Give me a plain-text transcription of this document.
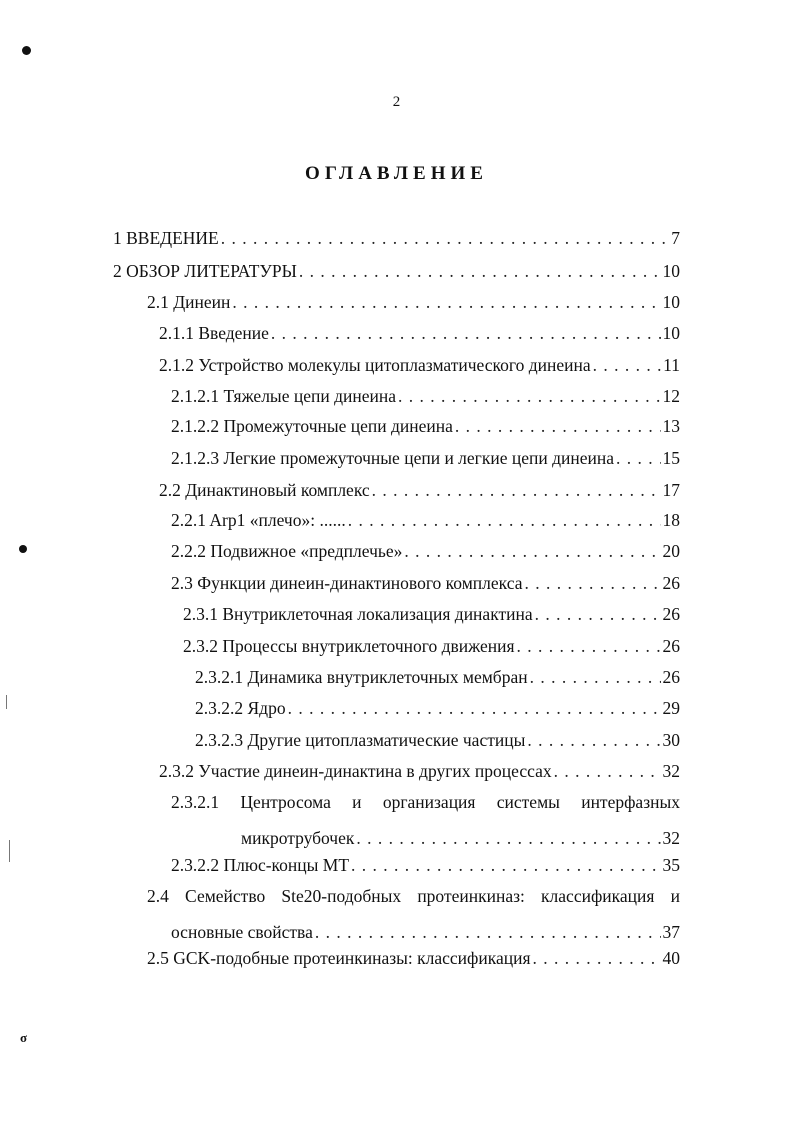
σ
2
ОГЛАВЛЕНИЕ
1 ВВЕДЕНИЕ . . .	7
2 ОБЗОР ЛИТЕРАТУРЫ . . .	10
2.1 Динеин . . .	10
2.1.1 Введение . . .	10
2.1.2 Устройство молекулы цитоплазматического динеина . . .	11
2.1.2.1 Тяжелые цепи динеина . . .	12
2.1.2.2 Промежуточные цепи динеина . . .	13
2.1.2.3 Легкие промежуточные цепи и легкие цепи динеина . . .	15
2.2 Динактиновый комплекс . . .	17
2.2.1 Arp1 «плечо»: ...... . . .	18
2.2.2 Подвижное «предплечье» . . .	20
2.3 Функции динеин-динактинового комплекса . . .	26
2.3.1 Внутриклеточная локализация динактина . . .	26
2.3.2 Процессы внутриклеточного движения . . .	26
2.3.2.1 Динамика внутриклеточных мембран . . .	26
2.3.2.2 Ядро . . .	29
2.3.2.3 Другие цитоплазматические частицы . . .	30
2.3.2 Участие динеин-динактина в других процессах . . .	32
2.3.2.1 Центросома и организация системы интерфазных
микротрубочек . . .	32
2.3.2.2 Плюс-концы МТ . . .	35
2.4 Семейство Ste20-подобных протеинкиназ: классификация и
основные свойства . . .	37
2.5 GCK-подобные протеинкиназы: классификация . . .	40
